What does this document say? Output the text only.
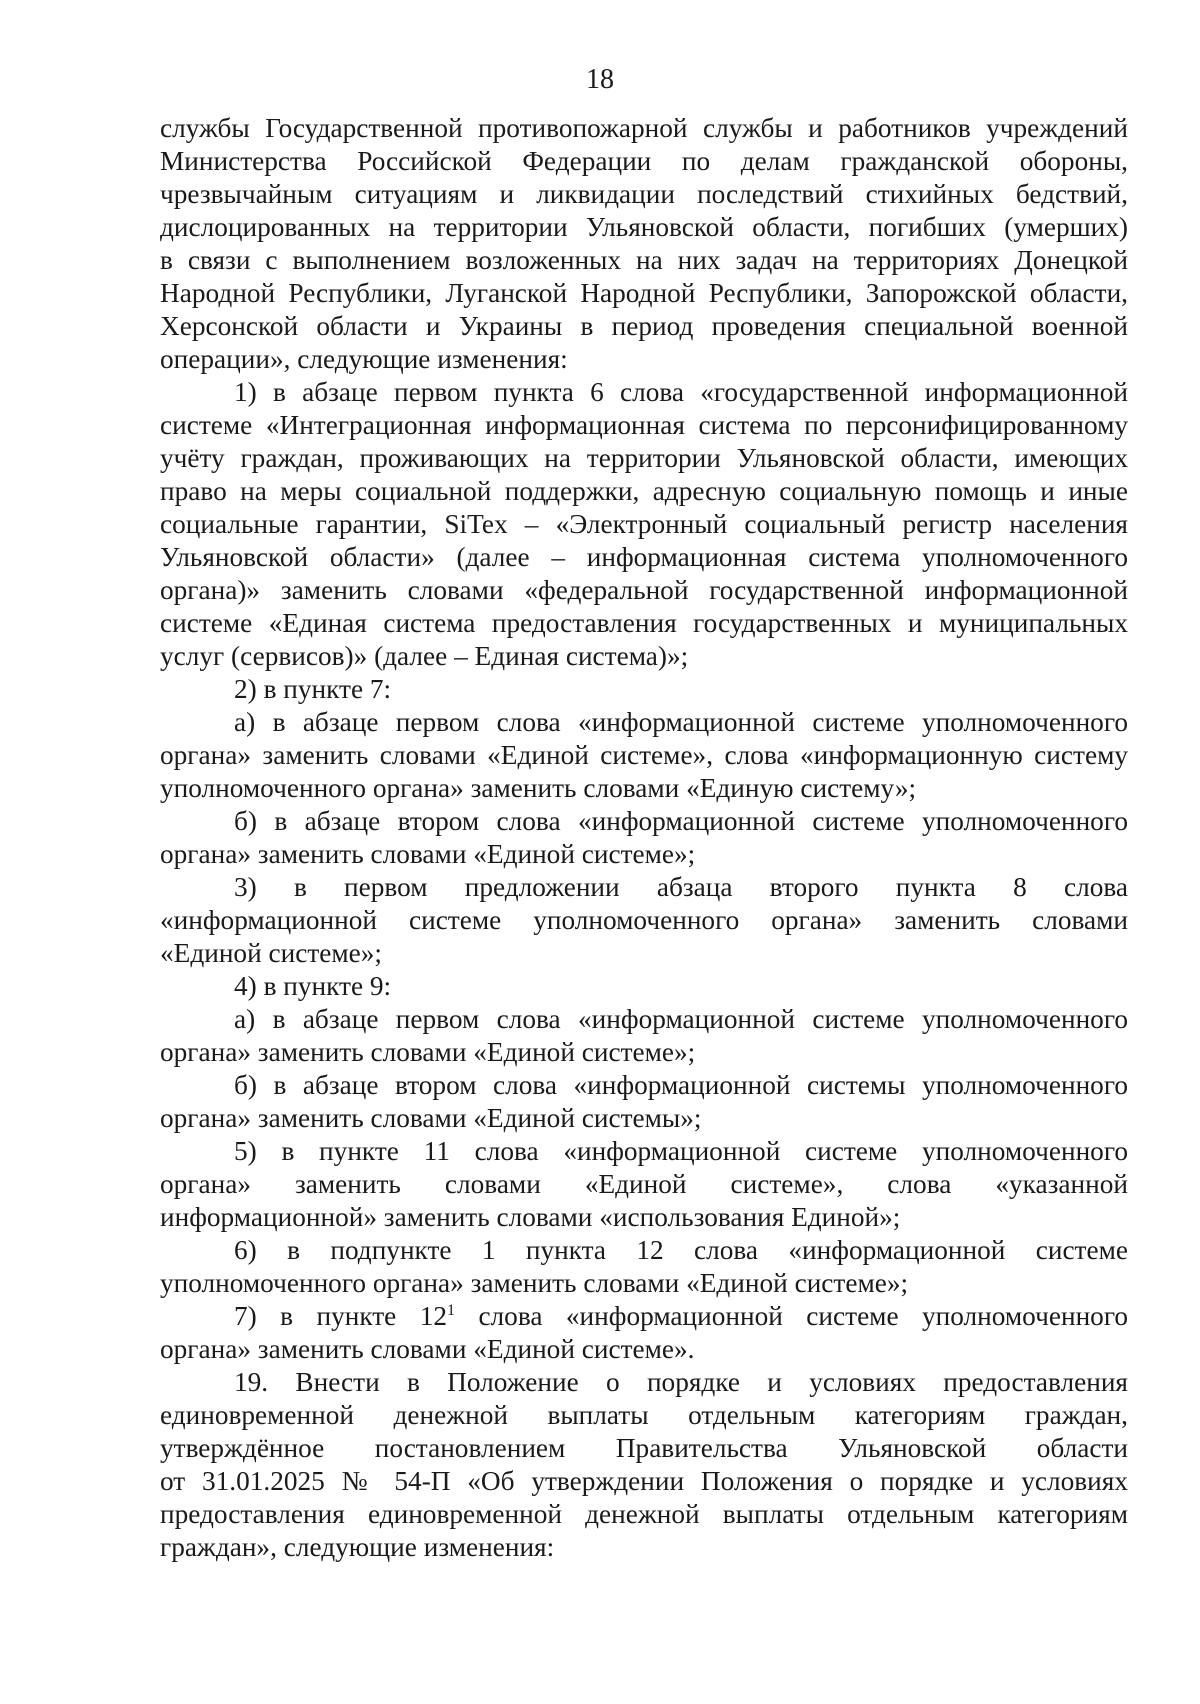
18
службы Государственной противопожарной службы и работников учреждений
Министерства Российской Федерации по делам гражданской обороны,
чрезвычайным ситуациям и ликвидации последствий стихийных бедствий,
дислоцированных на территории Ульяновской области, погибших (умерших)
в связи с выполнением возложенных на них задач на территориях Донецкой
Народной Республики, Луганской Народной Республики, Запорожской области,
Херсонской области и Украины в период проведения специальной военной
операции», следующие изменения:
1) в абзаце первом пункта 6 слова «государственной информационной
системе «Интеграционная информационная система по персонифицированному
учёту граждан, проживающих на территории Ульяновской области, имеющих
право на меры социальной поддержки, адресную социальную помощь и иные
социальные гарантии, SiTex – «Электронный социальный регистр населения
Ульяновской области» (далее – информационная система уполномоченного
органа)» заменить словами «федеральной государственной информационной
системе «Единая система предоставления государственных и муниципальных
услуг (сервисов)» (далее – Единая система)»;
2) в пункте 7:
а) в абзаце первом слова «информационной системе уполномоченного
органа» заменить словами «Единой системе», слова «информационную систему
уполномоченного органа» заменить словами «Единую систему»;
б) в абзаце втором слова «информационной системе уполномоченного
органа» заменить словами «Единой системе»;
3) в первом предложении абзаца второго пункта 8 слова
«информационной системе уполномоченного органа» заменить словами
«Единой системе»;
4) в пункте 9:
а) в абзаце первом слова «информационной системе уполномоченного
органа» заменить словами «Единой системе»;
б) в абзаце втором слова «информационной системы уполномоченного
органа» заменить словами «Единой системы»;
5) в пункте 11 слова «информационной системе уполномоченного
органа» заменить словами «Единой системе», слова «указанной
информационной» заменить словами «использования Единой»;
6) в подпункте 1 пункта 12 слова «информационной системе
уполномоченного органа» заменить словами «Единой системе»;
7) в пункте $12^1$ слова «информационной системе уполномоченного
органа» заменить словами «Единой системе».
19. Внести в Положение о порядке и условиях предоставления
единовременной денежной выплаты отдельным категориям граждан,
утверждённое постановлением Правительства Ульяновской области
от 31.01.2025 № 54-П «Об утверждении Положения о порядке и условиях
предоставления единовременной денежной выплаты отдельным категориям
граждан», следующие изменения:
